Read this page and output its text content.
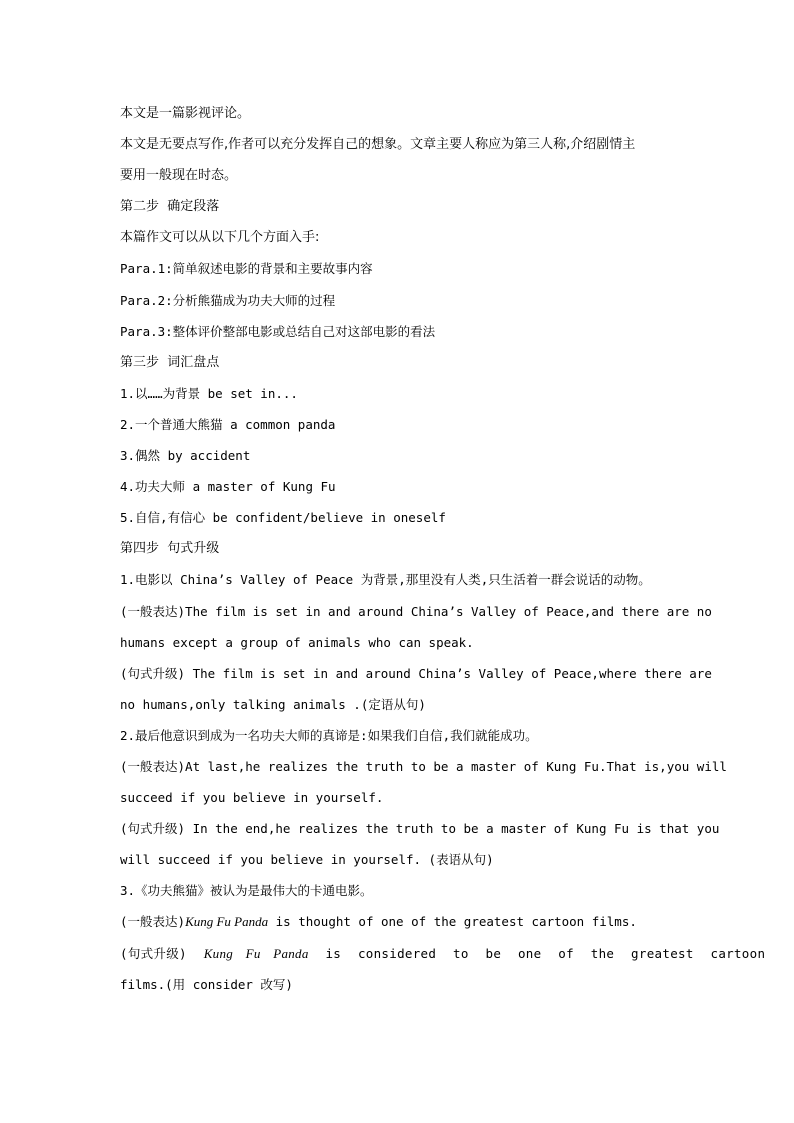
本文是一篇影视评论。
本文是无要点写作,作者可以充分发挥自己的想象。文章主要人称应为第三人称,介绍剧情主
要用一般现在时态。
第二步  确定段落
本篇作文可以从以下几个方面入手:
Para.1:简单叙述电影的背景和主要故事内容
Para.2:分析熊猫成为功夫大师的过程
Para.3:整体评价整部电影或总结自己对这部电影的看法
第三步  词汇盘点
1.以……为背景 be set in...
2.一个普通大熊猫 a common panda
3.偶然 by accident
4.功夫大师 a master of Kung Fu
5.自信,有信心 be confident/believe in oneself
第四步  句式升级
1.电影以 China’s Valley of Peace 为背景,那里没有人类,只生活着一群会说话的动物。
(一般表达)The film is set in and around China’s Valley of Peace,and there are no
humans except a group of animals who can speak.
(句式升级) The film is set in and around China’s Valley of Peace,where there are
no humans,only talking animals .(定语从句)
2.最后他意识到成为一名功夫大师的真谛是:如果我们自信,我们就能成功。
(一般表达)At last,he realizes the truth to be a master of Kung Fu.That is,you will
succeed if you believe in yourself.
(句式升级) In the end,he realizes the truth to be a master of Kung Fu is that you
will succeed if you believe in yourself. (表语从句)
3.《功夫熊猫》被认为是最伟大的卡通电影。
(一般表达)Kung Fu Panda is thought of one of the greatest cartoon films.
(句式升级) Kung Fu Panda is considered to be one of the greatest cartoon
films.(用 consider 改写)
